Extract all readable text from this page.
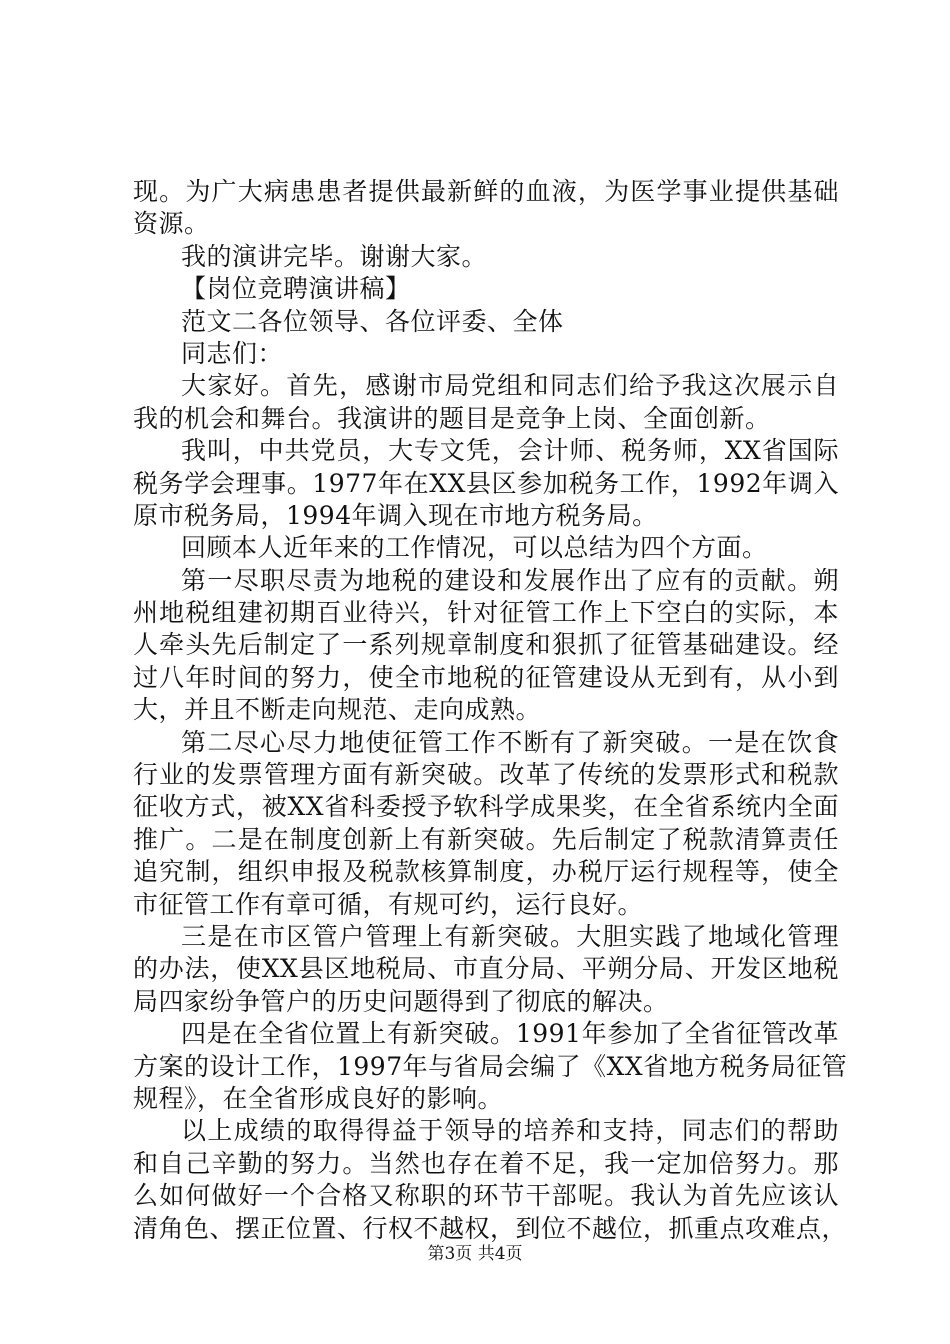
现。为广大病患患者提供最新鲜的血液，为医学事业提供基础
资源。
我的演讲完毕。谢谢大家。
【岗位竞聘演讲稿】
范文二各位领导、各位评委、全体
同志们：
大家好。首先，感谢市局党组和同志们给予我这次展示自
我的机会和舞台。我演讲的题目是竞争上岗、全面创新。
我叫，中共党员，大专文凭，会计师、税务师，XX省国际
税务学会理事。1977年在XX县区参加税务工作，1992年调入
原市税务局，1994年调入现在市地方税务局。
回顾本人近年来的工作情况，可以总结为四个方面。
第一尽职尽责为地税的建设和发展作出了应有的贡献。朔
州地税组建初期百业待兴，针对征管工作上下空白的实际，本
人牵头先后制定了一系列规章制度和狠抓了征管基础建设。经
过八年时间的努力，使全市地税的征管建设从无到有，从小到
大，并且不断走向规范、走向成熟。
第二尽心尽力地使征管工作不断有了新突破。一是在饮食
行业的发票管理方面有新突破。改革了传统的发票形式和税款
征收方式，被XX省科委授予软科学成果奖，在全省系统内全面
推广。二是在制度创新上有新突破。先后制定了税款清算责任
追究制，组织申报及税款核算制度，办税厅运行规程等，使全
市征管工作有章可循，有规可约，运行良好。
三是在市区管户管理上有新突破。大胆实践了地域化管理
的办法，使XX县区地税局、市直分局、平朔分局、开发区地税
局四家纷争管户的历史问题得到了彻底的解决。
四是在全省位置上有新突破。1991年参加了全省征管改革
方案的设计工作，1997年与省局会编了《XX省地方税务局征管
规程》，在全省形成良好的影响。
以上成绩的取得得益于领导的培养和支持，同志们的帮助
和自己辛勤的努力。当然也存在着不足，我一定加倍努力。那
么如何做好一个合格又称职的环节干部呢。我认为首先应该认
清角色、摆正位置、行权不越权，到位不越位，抓重点攻难点，
第3页 共4页
